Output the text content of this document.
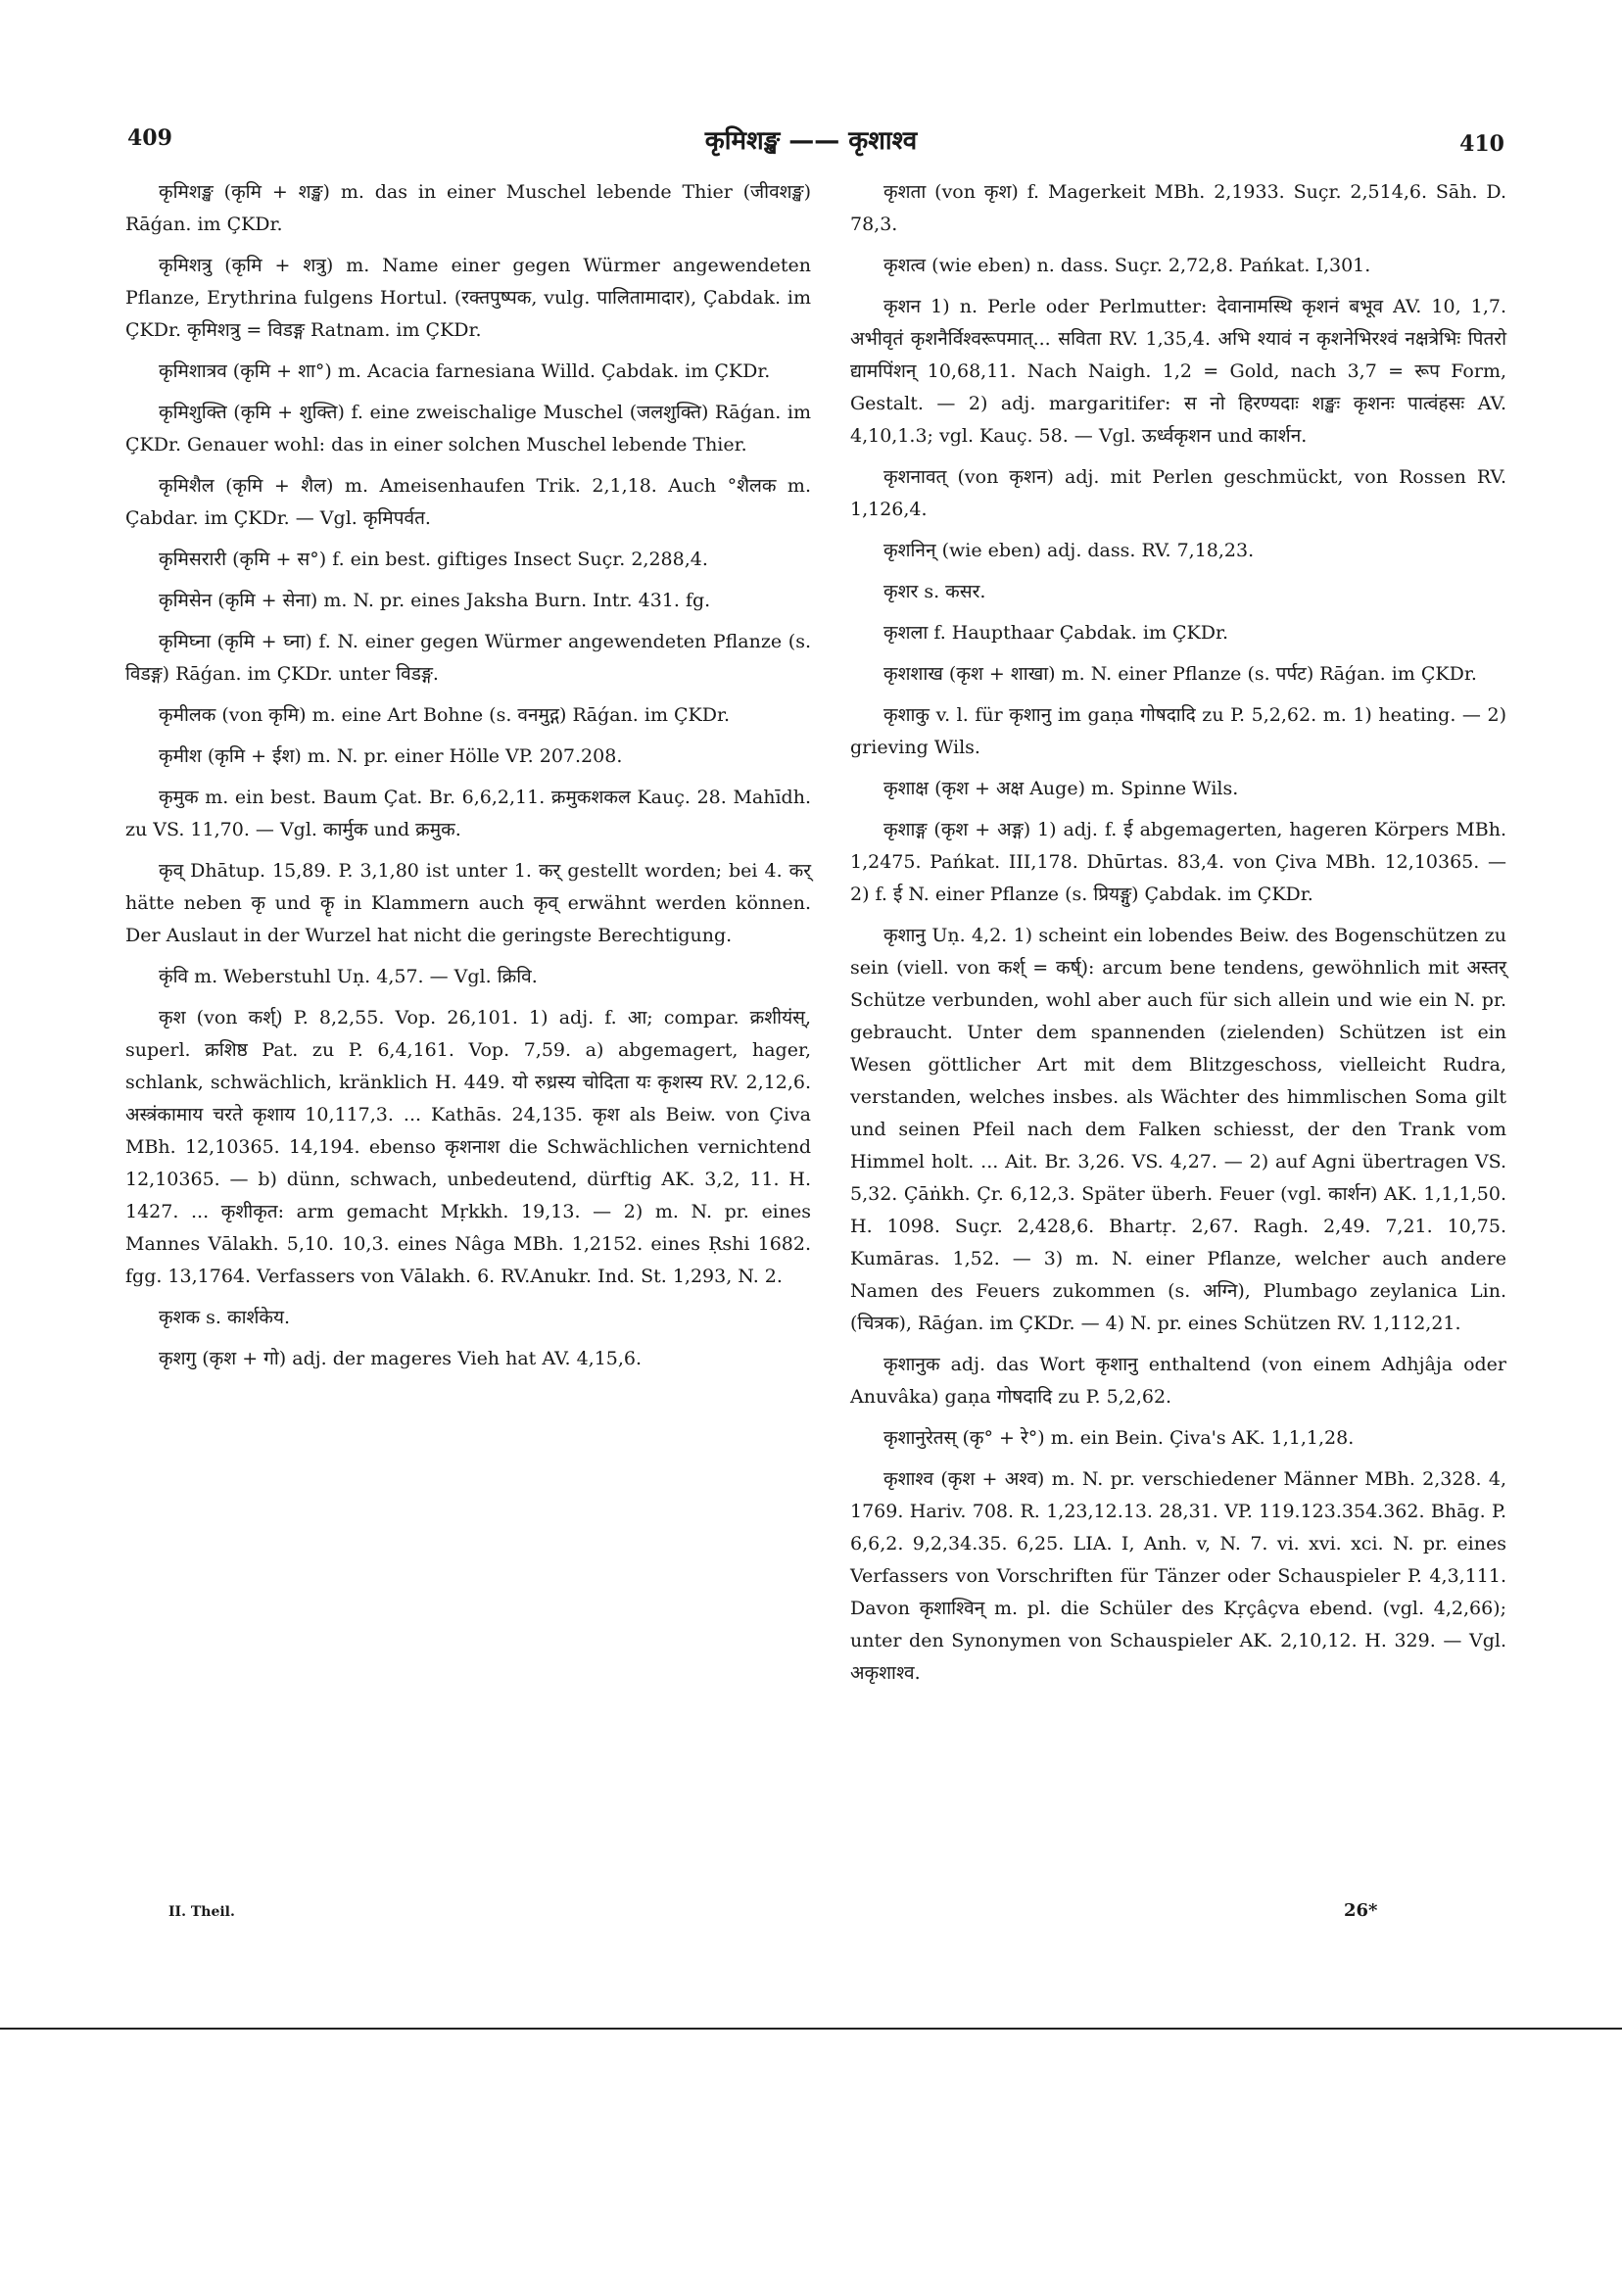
409	कृमिशङ्ख —— कृशाश्व	410

कृमिशङ्ख (कृमि + शङ्ख) m. das in einer Muschel lebende Thier (जीवशङ्ख) Rāǵan. im ÇKDr.

कृमिशत्रु (कृमि + शत्रु) m. Name einer gegen Würmer angewendeten Pflanze, Erythrina fulgens Hortul. (रक्तपुष्पक, vulg. पालितामादार), Çabdak. im ÇKDr. कृमिशत्रु = विडङ्ग Ratnam. im ÇKDr.

कृमिशात्रव (कृमि + शा°) m. Acacia farnesiana Willd. Çabdak. im ÇKDr.

कृमिशुक्ति (कृमि + शुक्ति) f. eine zweischalige Muschel (जलशुक्ति) Rāǵan. im ÇKDr. Genauer wohl: das in einer solchen Muschel lebende Thier.

कृमिशैल (कृमि + शैल) m. Ameisenhaufen Trik. 2,1,18. Auch °शैलक m. Çabdar. im ÇKDr. — Vgl. कृमिपर्वत.

कृमिसरारी (कृमि + स°) f. ein best. giftiges Insect Suçr. 2,288,4.

कृमिसेन (कृमि + सेना) m. N. pr. eines Jaksha Burn. Intr. 431. fg.

कृमिघ्ना (कृमि + घ्ना) f. N. einer gegen Würmer angewendeten Pflanze (s. विडङ्ग) Rāǵan. im ÇKDr. unter विडङ्ग.

कृमीलक (von कृमि) m. eine Art Bohne (s. वनमुद्ग) Rāǵan. im ÇKDr.

कृमीश (कृमि + ईश) m. N. pr. einer Hölle VP. 207.208.

कृमुक m. ein best. Baum Çat. Br. 6,6,2,11. क्रमुकशकल Kauç. 28. Mahīdh. zu VS. 11,70. — Vgl. कार्मुक und क्रमुक.

कृव् Dhātup. 15,89. P. 3,1,80 ist unter 1. कर् gestellt worden; bei 4. कर् hätte neben कृ und कॄ in Klammern auch कृव् erwähnt werden können. Der Auslaut in der Wurzel hat nicht die geringste Berechtigung.

कृंवि m. Weberstuhl Uṇ. 4,57. — Vgl. क्रिवि.

कृश (von कर्श्) P. 8,2,55. Vop. 26,101. 1) adj. f. आ; compar. क्रशीयंस्, superl. क्रशिष्ठ Pat. zu P. 6,4,161. Vop. 7,59. a) abgemagert, hager, schlank, schwächlich, kränklich H. 449. यो रुध्रस्य चोदिता यः कृशस्य RV. 2,12,6. अस्त्रंकामाय चरते कृशाय 10,117,3. ... Kathās. 24,135. कृश als Beiw. von Çiva MBh. 12,10365. 14,194. ebenso कृशनाश die Schwächlichen vernichtend 12,10365. — b) dünn, schwach, unbedeutend, dürftig AK. 3,2, 11. H. 1427. ... कृशीकृत: arm gemacht Mṛkkh. 19,13. — 2) m. N. pr. eines Mannes Vālakh. 5,10. 10,3. eines Nâga MBh. 1,2152. eines Ṛshi 1682. fgg. 13,1764. Verfassers von Vālakh. 6. RV.Anukr. Ind. St. 1,293, N. 2.

कृशक s. कार्शकेय.

कृशगु (कृश + गो) adj. der mageres Vieh hat AV. 4,15,6.

कृशता (von कृश) f. Magerkeit MBh. 2,1933. Suçr. 2,514,6. Sāh. D. 78,3.

कृशत्व (wie eben) n. dass. Suçr. 2,72,8. Pańkat. I,301.

कृशन 1) n. Perle oder Perlmutter: देवानामस्थि कृशनं बभूव AV. 10, 1,7. अभीवृतं कृशनैर्विश्वरूपमात्... सविता RV. 1,35,4. अभि श्यावं न कृशनेभिरश्वं नक्षत्रेभिः पितरो द्यामपिंशन् 10,68,11. Nach Naigh. 1,2 = Gold, nach 3,7 = रूप Form, Gestalt. — 2) adj. margaritifer: स नो हिरण्यदाः शङ्खः कृशनः पात्वंहसः AV. 4,10,1.3; vgl. Kauç. 58. — Vgl. ऊर्ध्वकृशन und कार्शन.

कृशनावत् (von कृशन) adj. mit Perlen geschmückt, von Rossen RV. 1,126,4.

कृशनिन् (wie eben) adj. dass. RV. 7,18,23.

कृशर s. कसर.

कृशला f. Haupthaar Çabdak. im ÇKDr.

कृशशाख (कृश + शाखा) m. N. einer Pflanze (s. पर्पट) Rāǵan. im ÇKDr.

कृशाकु v. l. für कृशानु im gaṇa गोषदादि zu P. 5,2,62. m. 1) heating. — 2) grieving Wils.

कृशाक्ष (कृश + अक्ष Auge) m. Spinne Wils.

कृशाङ्ग (कृश + अङ्ग) 1) adj. f. ई abgemagerten, hageren Körpers MBh. 1,2475. Pańkat. III,178. Dhūrtas. 83,4. von Çiva MBh. 12,10365. — 2) f. ई N. einer Pflanze (s. प्रियङ्गु) Çabdak. im ÇKDr.

कृशानु Uṇ. 4,2. 1) scheint ein lobendes Beiw. des Bogenschützen zu sein (viell. von कर्श् = कर्ष्): arcum bene tendens, gewöhnlich mit अस्तर् Schütze verbunden, wohl aber auch für sich allein und wie ein N. pr. gebraucht. Unter dem spannenden (zielenden) Schützen ist ein Wesen göttlicher Art mit dem Blitzgeschoss, vielleicht Rudra, verstanden, welches insbes. als Wächter des himmlischen Soma gilt und seinen Pfeil nach dem Falken schiesst, der den Trank vom Himmel holt. ... Ait. Br. 3,26. VS. 4,27. — 2) auf Agni übertragen VS. 5,32. Çāṅkh. Çr. 6,12,3. Später überh. Feuer (vgl. कार्शन) AK. 1,1,1,50. H. 1098. Suçr. 2,428,6. Bhartṛ. 2,67. Ragh. 2,49. 7,21. 10,75. Kumāras. 1,52. — 3) m. N. einer Pflanze, welcher auch andere Namen des Feuers zukommen (s. अग्नि), Plumbago zeylanica Lin. (चित्रक), Rāǵan. im ÇKDr. — 4) N. pr. eines Schützen RV. 1,112,21.

कृशानुक adj. das Wort कृशानु enthaltend (von einem Adhjâja oder Anuvâka) gaṇa गोषदादि zu P. 5,2,62.

कृशानुरेतस् (कृ° + रे°) m. ein Bein. Çiva's AK. 1,1,1,28.

कृशाश्व (कृश + अश्व) m. N. pr. verschiedener Männer MBh. 2,328. 4, 1769. Hariv. 708. R. 1,23,12.13. 28,31. VP. 119.123.354.362. Bhāg. P. 6,6,2. 9,2,34.35. 6,25. LIA. I, Anh. v, N. 7. vi. xvi. xci. N. pr. eines Verfassers von Vorschriften für Tänzer oder Schauspieler P. 4,3,111. Davon कृशाश्विन् m. pl. die Schüler des Kṛçâçva ebend. (vgl. 4,2,66); unter den Synonymen von Schauspieler AK. 2,10,12. H. 329. — Vgl. अकृशाश्व.

II. Theil.	26*
